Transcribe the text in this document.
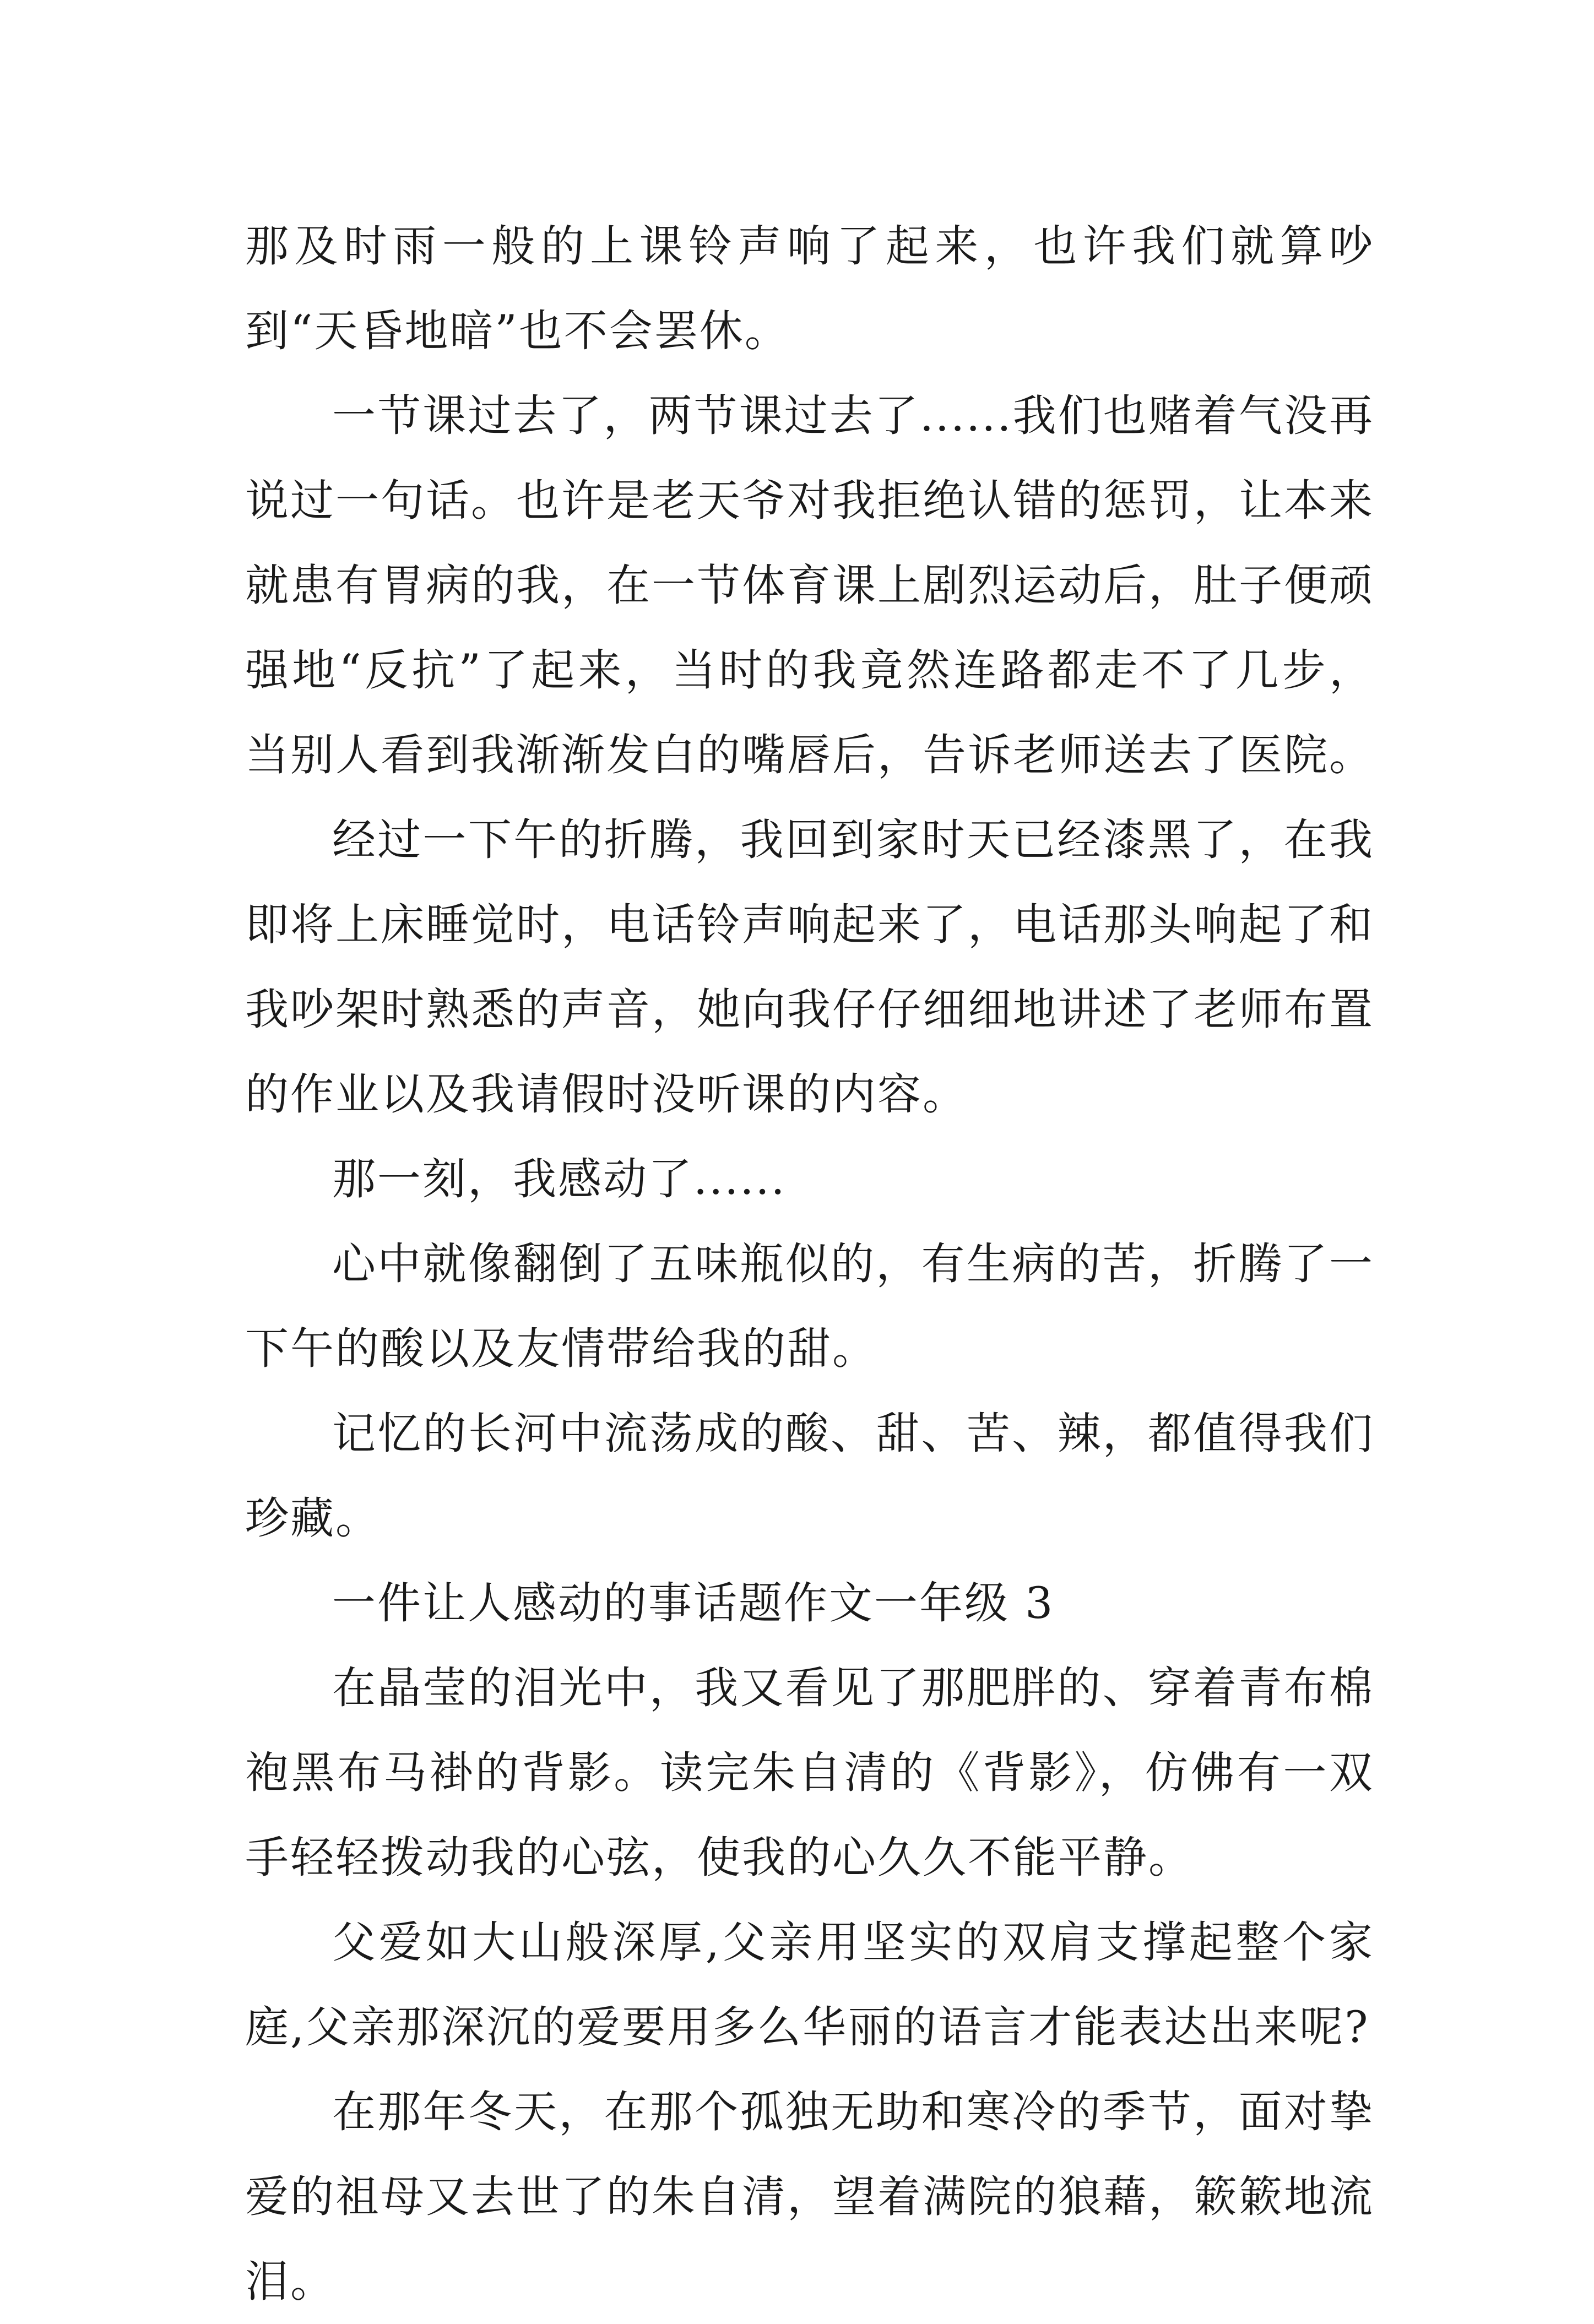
那及时雨一般的上课铃声响了起来，也许我们就算吵到“天昏地暗”也不会罢休。

一节课过去了，两节课过去了......我们也赌着气没再说过一句话。也许是老天爷对我拒绝认错的惩罚，让本来就患有胃病的我，在一节体育课上剧烈运动后，肚子便顽强地“反抗”了起来，当时的我竟然连路都走不了几步，当别人看到我渐渐发白的嘴唇后，告诉老师送去了医院。

经过一下午的折腾，我回到家时天已经漆黑了，在我即将上床睡觉时，电话铃声响起来了，电话那头响起了和我吵架时熟悉的声音，她向我仔仔细细地讲述了老师布置的作业以及我请假时没听课的内容。

那一刻，我感动了......

心中就像翻倒了五味瓶似的，有生病的苦，折腾了一下午的酸以及友情带给我的甜。

记忆的长河中流荡成的酸、甜、苦、辣，都值得我们珍藏。

一件让人感动的事话题作文一年级 3

在晶莹的泪光中，我又看见了那肥胖的、穿着青布棉袍黑布马褂的背影。读完朱自清的《背影》，仿佛有一双手轻轻拨动我的心弦，使我的心久久不能平静。

父爱如大山般深厚,父亲用坚实的双肩支撑起整个家庭,父亲那深沉的爱要用多么华丽的语言才能表达出来呢?

在那年冬天，在那个孤独无助和寒冷的季节，面对挚爱的祖母又去世了的朱自清，望着满院的狼藉，簌簌地流泪。
